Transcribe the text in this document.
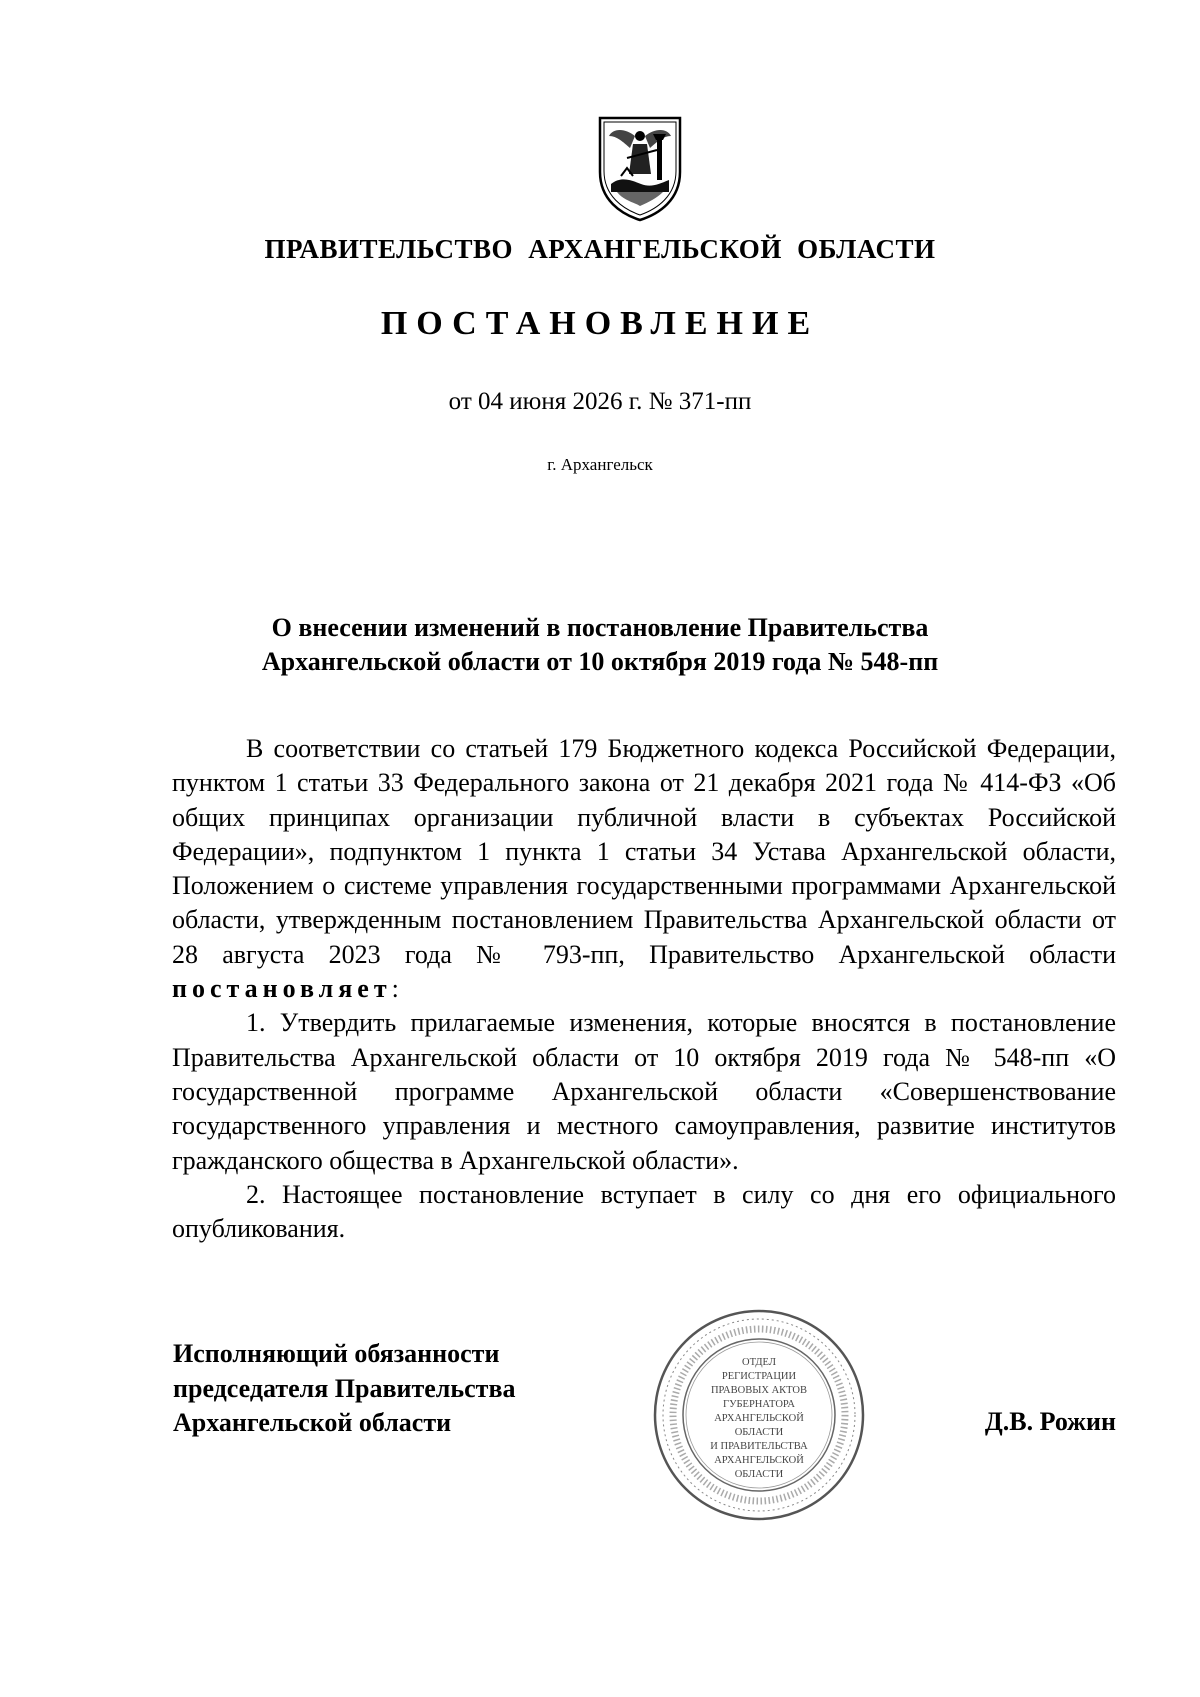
ПРАВИТЕЛЬСТВО АРХАНГЕЛЬСКОЙ ОБЛАСТИ
ПОСТАНОВЛЕНИЕ
от 04 июня 2026 г. № 371-пп
г. Архангельск
О внесении изменений в постановление Правительства
Архангельской области от 10 октября 2019 года № 548-пп

В соответствии со статьей 179 Бюджетного кодекса Российской Федерации, пунктом 1 статьи 33 Федерального закона от 21 декабря 2021 года № 414-ФЗ «Об общих принципах организации публичной власти в субъектах Российской Федерации», подпунктом 1 пункта 1 статьи 34 Устава Архангельской области, Положением о системе управления государственными программами Архангельской области, утвержденным постановлением Правительства Архангельской области от 28 августа 2023 года № 793-пп, Правительство Архангельской области постановляет:

1. Утвердить прилагаемые изменения, которые вносятся в постановление Правительства Архангельской области от 10 октября 2019 года № 548-пп «О государственной программе Архангельской области «Совершенствование государственного управления и местного самоуправления, развитие институтов гражданского общества в Архангельской области».

2. Настоящее постановление вступает в силу со дня его официального опубликования.

Исполняющий обязанности
председателя Правительства
Архангельской области
ОТДЕЛ
РЕГИСТРАЦИИ
ПРАВОВЫХ АКТОВ
ГУБЕРНАТОРА
АРХАНГЕЛЬСКОЙ
ОБЛАСТИ
И ПРАВИТЕЛЬСТВА
АРХАНГЕЛЬСКОЙ
ОБЛАСТИ
Д.В. Рожин
